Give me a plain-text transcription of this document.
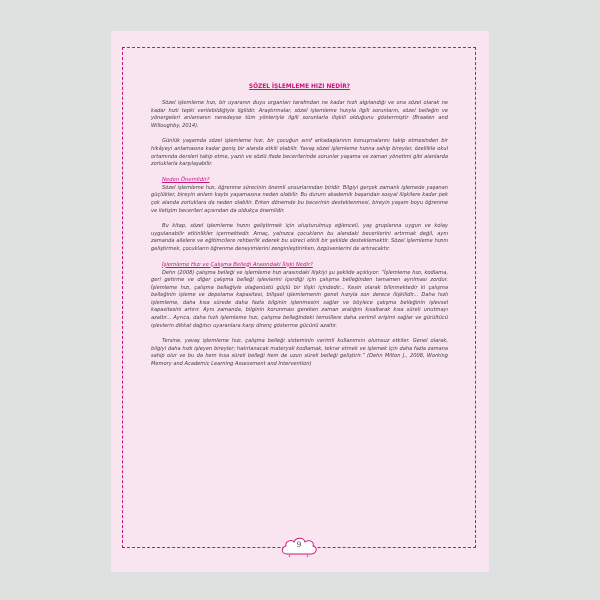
SÖZEL İŞLEMLEME HIZI NEDİR?

Sözel işlemleme hızı, bir uyaranın duyu organları tarafından ne kadar hızlı algılandığı ve ona sözel olarak ne kadar hızlı tepki verilebildiğiyle ilgilidir. Araştırmalar, sözel işlemleme hızıyla ilgili sorunların, sözel belleğin ve yönergeleri anlamanın neredeyse tüm yönleriyle ilgili sorunlarla ilişkili olduğunu göstermiştir (Braaten and Willoughby, 2014).

Günlük yaşamda sözel işlemleme hızı, bir çocuğun sınıf arkadaşlarının konuşmalarını takip etmesinden bir hikâyeyi anlamasına kadar geniş bir alanda etkili olabilir. Yavaş sözel işlemleme hızına sahip bireyler, özellikle okul ortamında dersleri takip etme, yazılı ve sözlü ifade becerilerinde sorunlar yaşama ve zaman yönetimi gibi alanlarda zorluklarla karşılaşabilir.

Neden Önemlidir?

Sözel işlemleme hızı, öğrenme sürecinin önemli unsurlarından biridir. Bilgiyi gerçek zamanlı işlemede yaşanan güçlükler, bireyin anlam kaybı yaşamasına neden olabilir. Bu durum akademik başarıdan sosyal ilişkilere kadar pek çok alanda zorluklara da neden olabilir. Erken dönemde bu becerinin desteklenmesi, bireyin yaşam boyu öğrenme ve iletişim becerileri açısından da oldukça önemlidir.

Bu kitap, sözel işlemleme hızını geliştirmek için oluşturulmuş eğlenceli, yaş gruplarına uygun ve kolay uygulanabilir etkinlikler içermektedir. Amaç, yalnızca çocukların bu alandaki becerilerini artırmak değil, aynı zamanda ailelere ve eğitimcilere rehberlik ederek bu süreci etkili bir şekilde desteklemektir. Sözel işlemleme hızını geliştirmek, çocukların öğrenme deneyimlerini zenginleştirirken, özgüvenlerini de artıracaktır.

İşlemleme Hızı ve Çalışma Belleği Arasındaki İlişki Nedir?

Dehn (2008) çalışma belleği ve işlemleme hızı arasındaki ilişkiyi şu şekilde açıklıyor: “İşlemleme hızı, kodlama, geri getirme ve diğer çalışma belleği işlevlerini içerdiği için çalışma belleğinden tamamen ayrılması zordur. İşlemleme hızı, çalışma belleğiyle olağanüstü güçlü bir ilişki içindedir... Kesin olarak bilinmektedir ki çalışma belleğinin işleme ve depolama kapasitesi, bilişsel işlemlemenin genel hızıyla son derece ilişkilidir... Daha hızlı işlemleme, daha kısa sürede daha fazla bilginin işlenmesini sağlar ve böylece çalışma belleğinin işlevsel kapasitesini artırır. Aynı zamanda, bilginin korunması gereken zaman aralığını kısaltarak kısa süreli unutmayı azaltır... Ayrıca, daha hızlı işlemleme hızı, çalışma belleğindeki temsillere daha verimli erişimi sağlar ve gürültücü işlevlerin dikkat dağıtıcı uyaranlara karşı direnç gösterme gücünü azaltır.

Tersine, yavaş işlemleme hızı, çalışma belleği sisteminin verimli kullanımını olumsuz etkiler. Genel olarak, bilgiyi daha hızlı işleyen bireyler; hatırlanacak materyali kodlamak, tekrar etmek ve işlemek için daha fazla zamana sahip olur ve bu da hem kısa süreli belleği hem de uzun süreli belleği geliştirir.” (Dehn Milton J., 2008, Working Memory and Academic Learning Assessment and Intervention)

9
